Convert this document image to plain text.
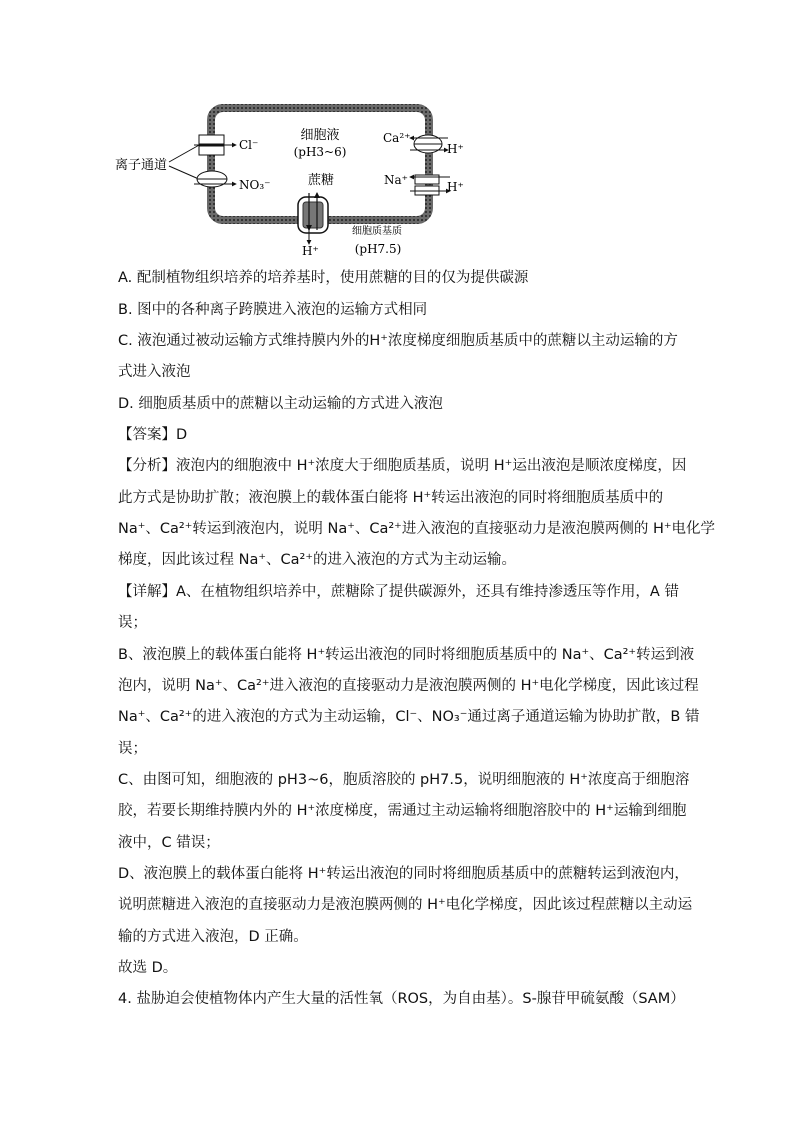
细胞液
(pH3~6)
离子通道
Cl⁻
NO₃⁻
Ca²⁺
H⁺
Na⁺	H⁺
蔗糖
H⁺
细胞质基质
(pH7.5)
A. 配制植物组织培养的培养基时，使用蔗糖的目的仅为提供碳源
B. 图中的各种离子跨膜进入液泡的运输方式相同
C. 液泡通过被动运输方式维持膜内外的H⁺浓度梯度细胞质基质中的蔗糖以主动运输的方
式进入液泡
D. 细胞质基质中的蔗糖以主动运输的方式进入液泡
【答案】D
【分析】液泡内的细胞液中 H⁺浓度大于细胞质基质，说明 H⁺运出液泡是顺浓度梯度，因
此方式是协助扩散；液泡膜上的载体蛋白能将 H⁺转运出液泡的同时将细胞质基质中的
Na⁺、Ca²⁺转运到液泡内，说明 Na⁺、Ca²⁺进入液泡的直接驱动力是液泡膜两侧的 H⁺电化学
梯度，因此该过程 Na⁺、Ca²⁺的进入液泡的方式为主动运输。
【详解】A、在植物组织培养中，蔗糖除了提供碳源外，还具有维持渗透压等作用，A 错
误；
B、液泡膜上的载体蛋白能将 H⁺转运出液泡的同时将细胞质基质中的 Na⁺、Ca²⁺转运到液
泡内，说明 Na⁺、Ca²⁺进入液泡的直接驱动力是液泡膜两侧的 H⁺电化学梯度，因此该过程
Na⁺、Ca²⁺的进入液泡的方式为主动运输，Cl⁻、NO₃⁻通过离子通道运输为协助扩散，B 错
误；
C、由图可知，细胞液的 pH3~6，胞质溶胶的 pH7.5，说明细胞液的 H⁺浓度高于细胞溶
胶，若要长期维持膜内外的 H⁺浓度梯度，需通过主动运输将细胞溶胶中的 H⁺运输到细胞
液中，C 错误；
D、液泡膜上的载体蛋白能将 H⁺转运出液泡的同时将细胞质基质中的蔗糖转运到液泡内，
说明蔗糖进入液泡的直接驱动力是液泡膜两侧的 H⁺电化学梯度，因此该过程蔗糖以主动运
输的方式进入液泡，D 正确。
故选 D。
4. 盐胁迫会使植物体内产生大量的活性氧（ROS，为自由基）。S-腺苷甲硫氨酸（SAM）
